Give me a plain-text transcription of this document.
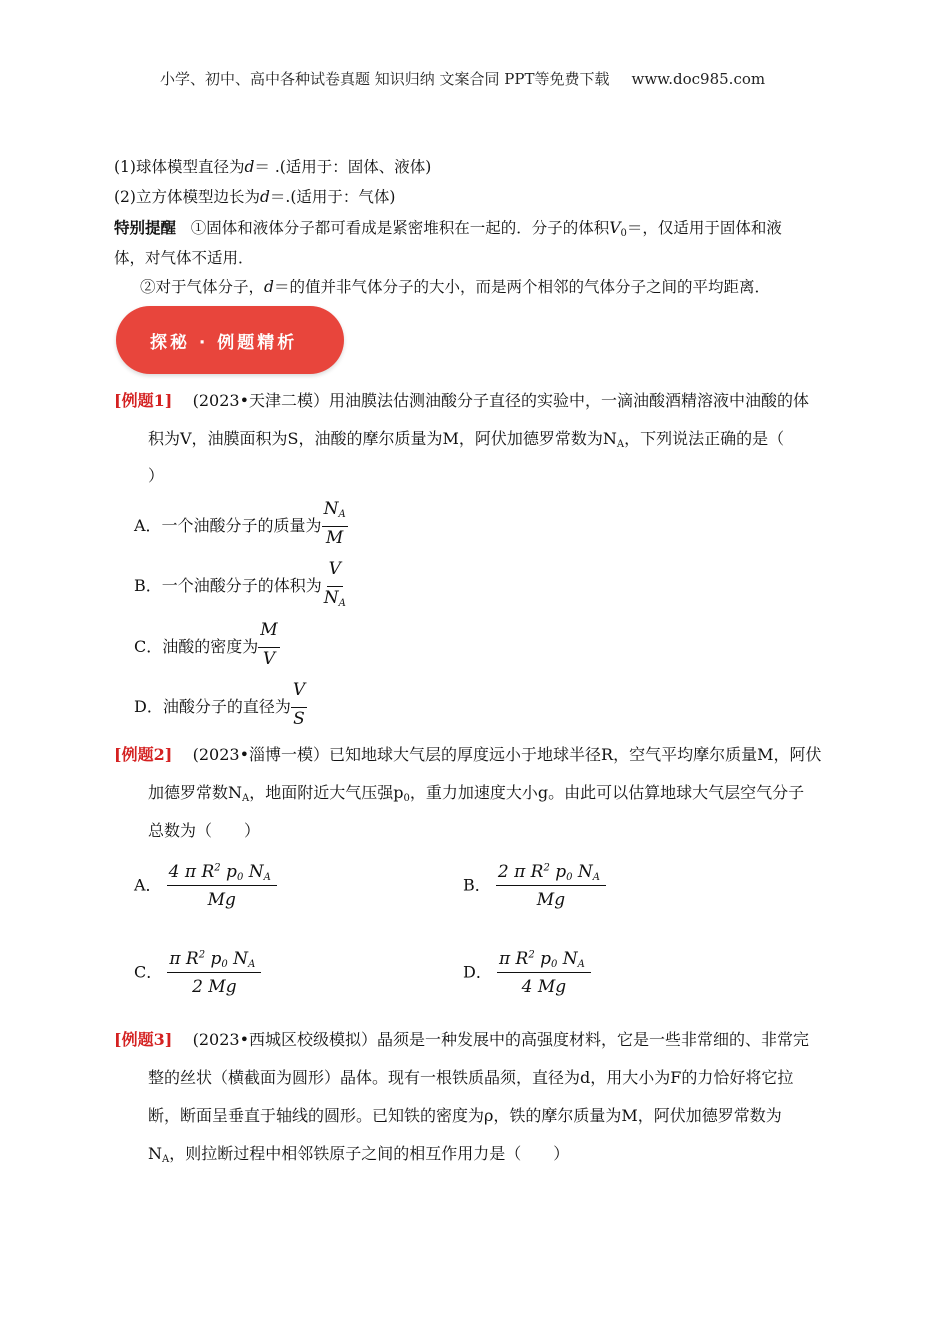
小学、初中、高中各种试卷真题 知识归纳 文案合同 PPT等免费下载 www.doc985.com
(1)球体模型直径为d＝ .(适用于：固体、液体)
(2)立方体模型边长为d＝.(适用于：气体)
特别提醒 ①固体和液体分子都可看成是紧密堆积在一起的．分子的体积$V_0=$，仅适用于固体和液
体，对气体不适用．
②对于气体分子，d＝的值并非气体分子的大小，而是两个相邻的气体分子之间的平均距离．
探秘 · 例题精析
[例题1] (2023•天津二模）用油膜法估测油酸分子直径的实验中，一滴油酸酒精溶液中油酸的体
积为V，油膜面积为S，油酸的摩尔质量为M，阿伏加德罗常数为$N_A$，下列说法正确的是（
）
A．一个油酸分子的质量为 $\frac{N_A}{M}$
B．一个油酸分子的体积为 $\frac{V}{N_A}$
C．油酸的密度为 $\frac{M}{V}$
D．油酸分子的直径为 $\frac{V}{S}$
[例题2] (2023•淄博一模）已知地球大气层的厚度远小于地球半径R，空气平均摩尔质量M，阿伏
加德罗常数$N_A$，地面附近大气压强$p_0$，重力加速度大小g。由此可以估算地球大气层空气分子
总数为（　　）
A． $\frac{4 \pi R^2 p_0 N_A}{Mg}$	B． $\frac{2 \pi R^2 p_0 N_A}{Mg}$
C． $\frac{\pi R^2 p_0 N_A}{2 Mg}$	D． $\frac{\pi R^2 p_0 N_A}{4 Mg}$
[例题3] (2023•西城区校级模拟）晶须是一种发展中的高强度材料，它是一些非常细的、非常完
整的丝状（横截面为圆形）晶体。现有一根铁质晶须，直径为d，用大小为F的力恰好将它拉
断，断面呈垂直于轴线的圆形。已知铁的密度为ρ，铁的摩尔质量为M，阿伏加德罗常数为
$N_A$，则拉断过程中相邻铁原子之间的相互作用力是（　　）
